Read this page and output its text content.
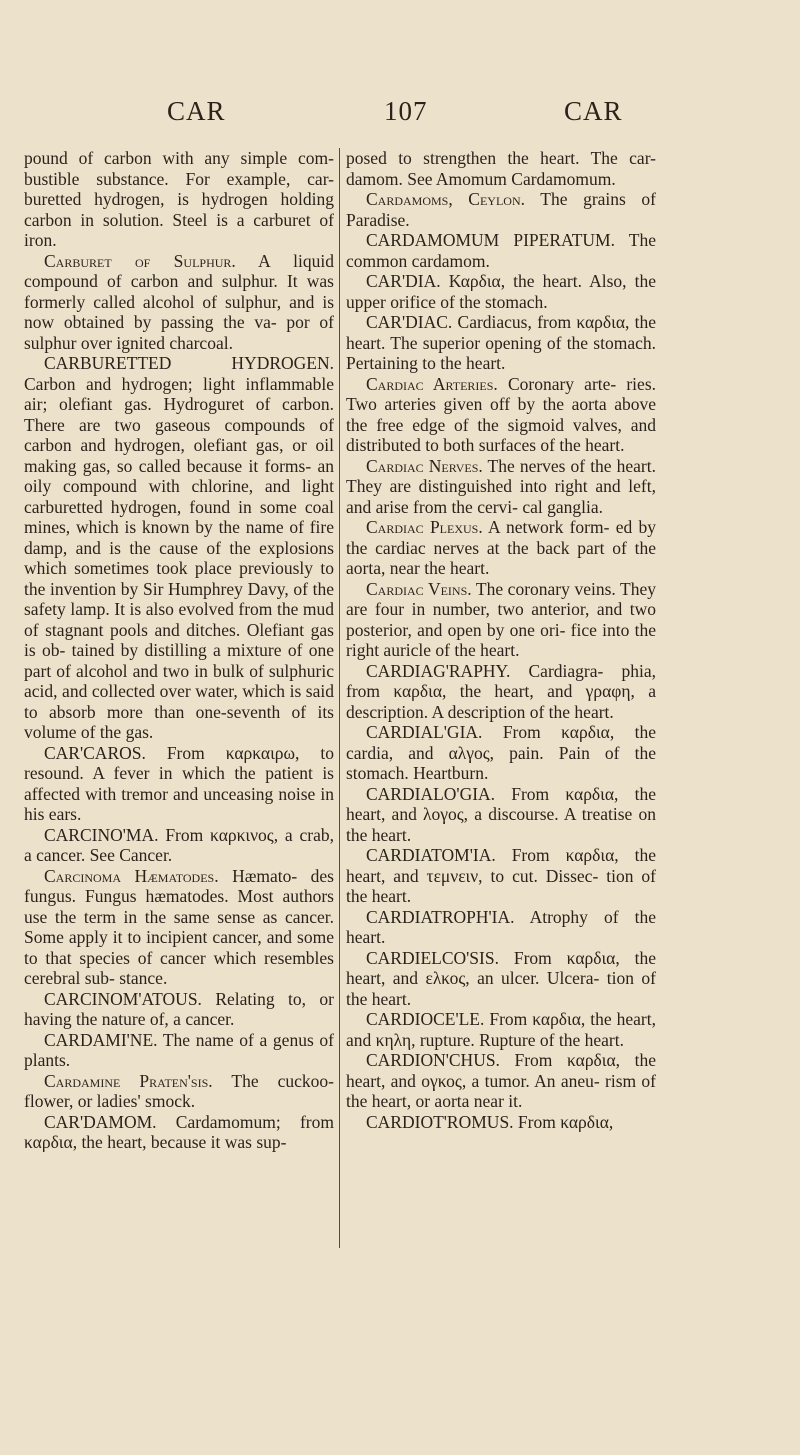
CAR	107	CAR

pound of carbon with any simple com- bustible substance. For example, car- buretted hydrogen, is hydrogen holding carbon in solution. Steel is a carburet of iron.

Carburet of Sulphur. A liquid compound of carbon and sulphur. It was formerly called alcohol of sulphur, and is now obtained by passing the va- por of sulphur over ignited charcoal.

CARBURETTED HYDROGEN. Carbon and hydrogen; light inflammable air; olefiant gas. Hydroguret of carbon. There are two gaseous compounds of carbon and hydrogen, olefiant gas, or oil making gas, so called because it forms- an oily compound with chlorine, and light carburetted hydrogen, found in some coal mines, which is known by the name of fire damp, and is the cause of the explosions which sometimes took place previously to the invention by Sir Humphrey Davy, of the safety lamp. It is also evolved from the mud of stagnant pools and ditches. Olefiant gas is ob- tained by distilling a mixture of one part of alcohol and two in bulk of sulphuric acid, and collected over water, which is said to absorb more than one-seventh of its volume of the gas.

CAR'CAROS. From καρκαιρω, to resound. A fever in which the patient is affected with tremor and unceasing noise in his ears.

CARCINO'MA. From καρκινος, a crab, a cancer. See Cancer.

Carcinoma Hæmatodes. Hæmato- des fungus. Fungus hæmatodes. Most authors use the term in the same sense as cancer. Some apply it to incipient cancer, and some to that species of cancer which resembles cerebral sub- stance.

CARCINOM'ATOUS. Relating to, or having the nature of, a cancer.

CARDAMI'NE. The name of a genus of plants.

Cardamine Praten'sis. The cuckoo- flower, or ladies' smock.

CAR'DAMOM. Cardamomum; from καρδια, the heart, because it was sup-

posed to strengthen the heart. The car- damom. See Amomum Cardamomum.

Cardamoms, Ceylon. The grains of Paradise.

CARDAMOMUM PIPERATUM. The common cardamom.

CAR'DIA. Καρδια, the heart. Also, the upper orifice of the stomach.

CAR'DIAC. Cardiacus, from καρδια, the heart. The superior opening of the stomach. Pertaining to the heart.

Cardiac Arteries. Coronary arte- ries. Two arteries given off by the aorta above the free edge of the sigmoid valves, and distributed to both surfaces of the heart.

Cardiac Nerves. The nerves of the heart. They are distinguished into right and left, and arise from the cervi- cal ganglia.

Cardiac Plexus. A network form- ed by the cardiac nerves at the back part of the aorta, near the heart.

Cardiac Veins. The coronary veins. They are four in number, two anterior, and two posterior, and open by one ori- fice into the right auricle of the heart.

CARDIAG'RAPHY. Cardiagra- phia, from καρδια, the heart, and γραφη, a description. A description of the heart.

CARDIAL'GIA. From καρδια, the cardia, and αλγος, pain. Pain of the stomach. Heartburn.

CARDIALO'GIA. From καρδια, the heart, and λογος, a discourse. A treatise on the heart.

CARDIATOM'IA. From καρδια, the heart, and τεμνειν, to cut. Dissec- tion of the heart.

CARDIATROPH'IA. Atrophy of the heart.

CARDIELCO'SIS. From καρδια, the heart, and ελκος, an ulcer. Ulcera- tion of the heart.

CARDIOCE'LE. From καρδια, the heart, and κηλη, rupture. Rupture of the heart.

CARDION'CHUS. From καρδια, the heart, and ογκος, a tumor. An aneu- rism of the heart, or aorta near it.

CARDIOT'ROMUS. From καρδια,
